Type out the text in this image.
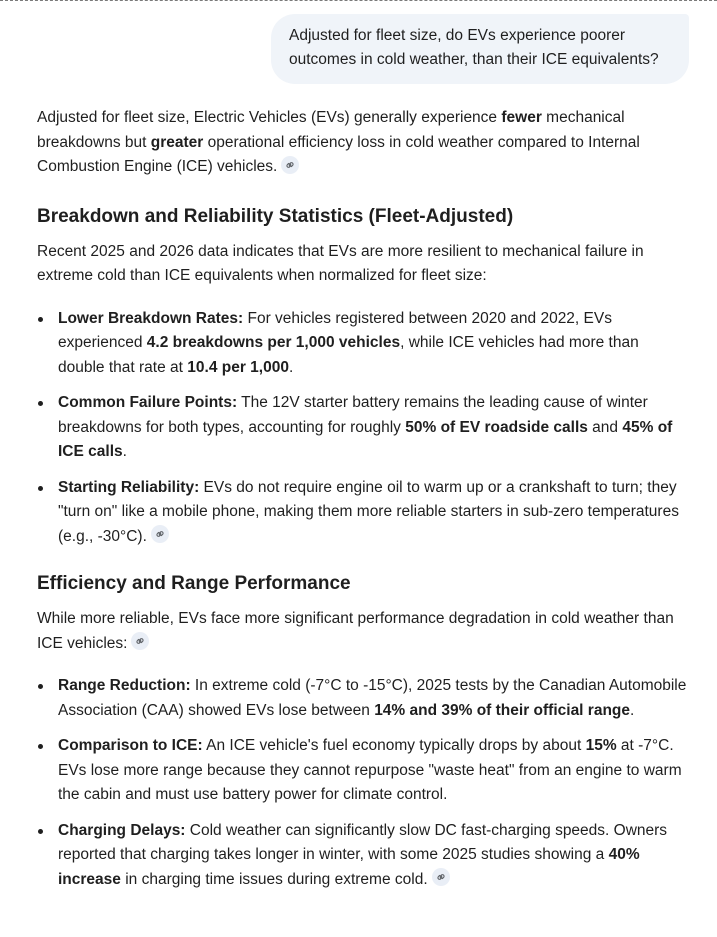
Adjusted for fleet size, do EVs experience poorer outcomes in cold weather, than their ICE equivalents?

Adjusted for fleet size, Electric Vehicles (EVs) generally experience fewer mechanical breakdowns but greater operational efficiency loss in cold weather compared to Internal Combustion Engine (ICE) vehicles.

Breakdown and Reliability Statistics (Fleet-Adjusted)

Recent 2025 and 2026 data indicates that EVs are more resilient to mechanical failure in extreme cold than ICE equivalents when normalized for fleet size:

Lower Breakdown Rates: For vehicles registered between 2020 and 2022, EVs experienced 4.2 breakdowns per 1,000 vehicles, while ICE vehicles had more than double that rate at 10.4 per 1,000.
Common Failure Points: The 12V starter battery remains the leading cause of winter breakdowns for both types, accounting for roughly 50% of EV roadside calls and 45% of ICE calls.
Starting Reliability: EVs do not require engine oil to warm up or a crankshaft to turn; they "turn on" like a mobile phone, making them more reliable starters in sub-zero temperatures (e.g., -30°C).
Efficiency and Range Performance

While more reliable, EVs face more significant performance degradation in cold weather than ICE vehicles:

Range Reduction: In extreme cold (-7°C to -15°C), 2025 tests by the Canadian Automobile Association (CAA) showed EVs lose between 14% and 39% of their official range.
Comparison to ICE: An ICE vehicle's fuel economy typically drops by about 15% at -7°C. EVs lose more range because they cannot repurpose "waste heat" from an engine to warm the cabin and must use battery power for climate control.
Charging Delays: Cold weather can significantly slow DC fast-charging speeds. Owners reported that charging takes longer in winter, with some 2025 studies showing a 40% increase in charging time issues during extreme cold.
